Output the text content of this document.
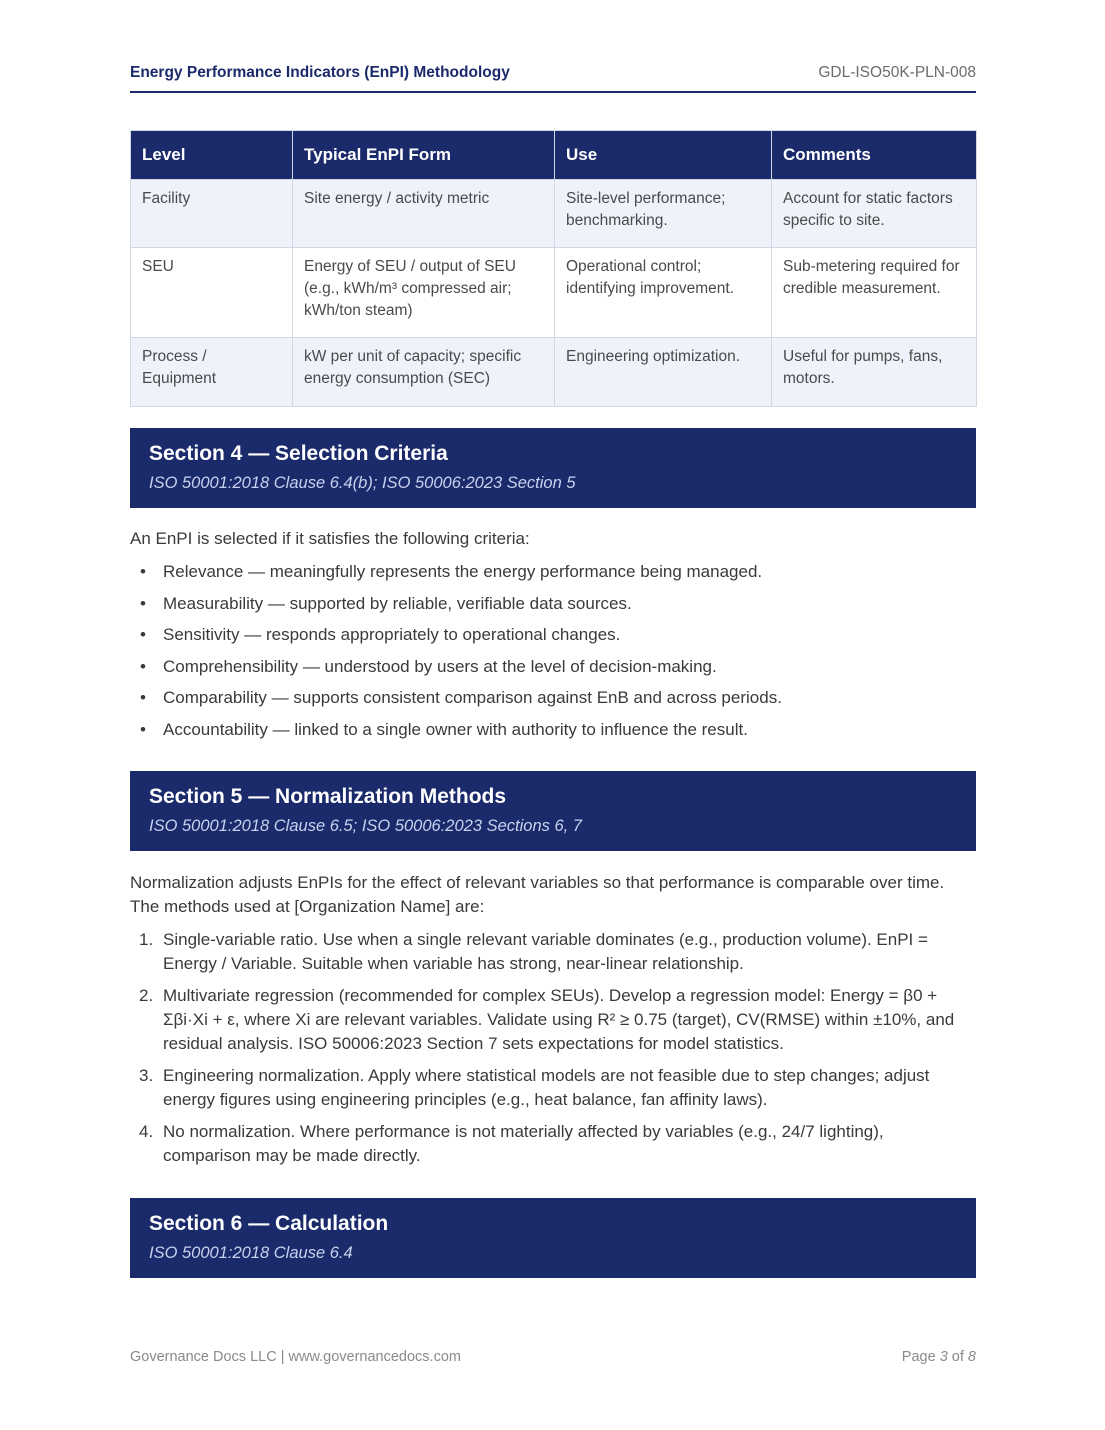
Energy Performance Indicators (EnPI) Methodology	GDL-ISO50K-PLN-008
Level	Typical EnPI Form	Use	Comments
Facility	Site energy / activity metric	Site-level performance; benchmarking.	Account for static factors specific to site.
SEU	Energy of SEU / output of SEU (e.g., kWh/m³ compressed air; kWh/ton steam)	Operational control; identifying improvement.	Sub-metering required for credible measurement.
Process / Equipment	kW per unit of capacity; specific energy consumption (SEC)	Engineering optimization.	Useful for pumps, fans, motors.
Section 4 — Selection Criteria
ISO 50001:2018 Clause 6.4(b); ISO 50006:2023 Section 5
An EnPI is selected if it satisfies the following criteria:
• Relevance — meaningfully represents the energy performance being managed.
• Measurability — supported by reliable, verifiable data sources.
• Sensitivity — responds appropriately to operational changes.
• Comprehensibility — understood by users at the level of decision-making.
• Comparability — supports consistent comparison against EnB and across periods.
• Accountability — linked to a single owner with authority to influence the result.
Section 5 — Normalization Methods
ISO 50001:2018 Clause 6.5; ISO 50006:2023 Sections 6, 7
Normalization adjusts EnPIs for the effect of relevant variables so that performance is comparable over time. The methods used at [Organization Name] are:
1. Single-variable ratio. Use when a single relevant variable dominates (e.g., production volume). EnPI = Energy / Variable. Suitable when variable has strong, near-linear relationship.
2. Multivariate regression (recommended for complex SEUs). Develop a regression model: Energy = β0 + Σβi·Xi + ε, where Xi are relevant variables. Validate using R² ≥ 0.75 (target), CV(RMSE) within ±10%, and residual analysis. ISO 50006:2023 Section 7 sets expectations for model statistics.
3. Engineering normalization. Apply where statistical models are not feasible due to step changes; adjust energy figures using engineering principles (e.g., heat balance, fan affinity laws).
4. No normalization. Where performance is not materially affected by variables (e.g., 24/7 lighting), comparison may be made directly.
Section 6 — Calculation
ISO 50001:2018 Clause 6.4
Governance Docs LLC | www.governancedocs.com	Page 3 of 8
